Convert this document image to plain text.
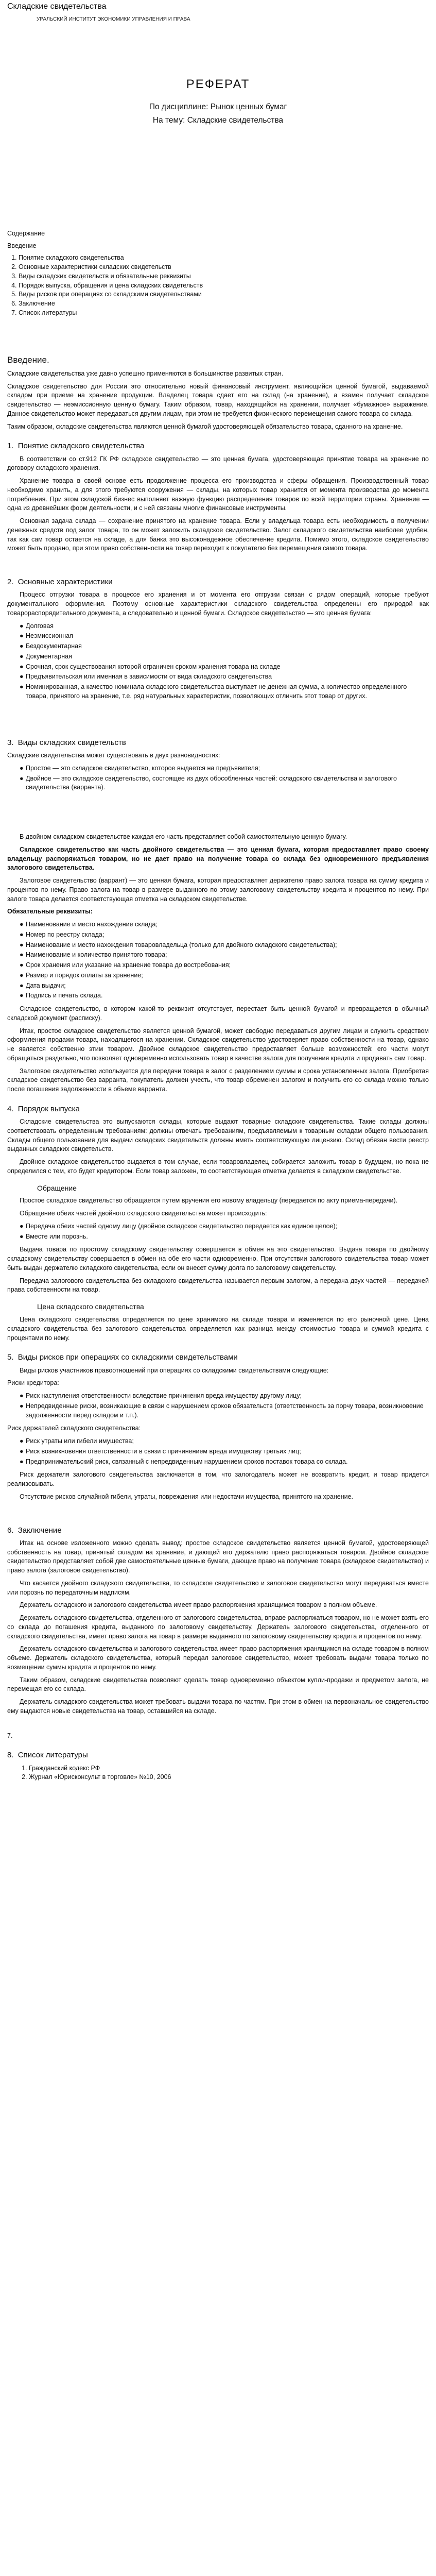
Складские свидетельства
УРАЛЬСКИЙ ИНСТИТУТ ЭКОНОМИКИ УПРАВЛЕНИЯ И ПРАВА
РЕФЕРАТ
По дисциплине: Рынок ценных бумаг
На тему: Складские свидетельства
Содержание
Введение
1. Понятие складского свидетельства
2. Основные характеристики складских свидетельств
3. Виды складских свидетельств и обязательные реквизиты
4. Порядок выпуска, обращения и цена складских свидетельств
5. Виды рисков при операциях со складскими свидетельствами
6. Заключение
7. Список литературы
Введение.

Складские свидетельства уже давно успешно применяются в большинстве развитых стран.

Складское свидетельство для России это относительно новый финансовый инструмент, являющийся ценной бумагой, выдаваемой складом при приеме на хранение продукции. Владелец товара сдает его на склад (на хранение), а взамен получает складское свидетельство — неэмиссионную ценную бумагу. Таким образом, товар, находящийся на хранении, получает «бумажное» выражение. Данное свидетельство может передаваться другим лицам, при этом не требуется физического перемещения самого товара со склада.

Таким образом, складские свидетельства являются ценной бумагой удостоверяющей обязательство товара, сданного на хранение.

1. Понятие складского свидетельства

В соответствии со ст.912 ГК РФ складское свидетельство — это ценная бумага, удостоверяющая принятие товара на хранение по договору складского хранения.

Хранение товара в своей основе есть продолжение процесса его производства и сферы обращения. Производственный товар необходимо хранить, а для этого требуются сооружения — склады, на которых товар хранится от момента производства до момента потребления. При этом складской бизнес выполняет важную функцию распределения товаров по всей территории страны. Хранение — одна из древнейших форм деятельности, и с ней связаны многие финансовые инструменты.

Основная задача склада — сохранение принятого на хранение товара. Если у владельца товара есть необходимость в получении денежных средств под залог товара, то он может заложить складское свидетельство. Залог складского свидетельства наиболее удобен, так как сам товар остается на складе, а для банка это высоконадежное обеспечение кредита. Помимо этого, складское свидетельство может быть продано, при этом право собственности на товар переходит к покупателю без перемещения самого товара.

2. Основные характеристики

Процесс отгрузки товара в процессе его хранения и от момента его отгрузки связан с рядом операций, которые требуют документального оформления. Поэтому основные характеристики складского свидетельства определены его природой как товарораспорядительного документа, а следовательно и ценной бумаги. Складское свидетельство — это ценная бумага:

● Долговая
● Неэмиссионная
● Бездокументарная
● Документарная
● Срочная, срок существования которой ограничен сроком хранения товара на складе
● Предъявительская или именная в зависимости от вида складского свидетельства
● Номинированная, а качество номинала складского свидетельства выступает не денежная сумма, а количество определенного товара, принятого на хранение, т.е. ряд натуральных характеристик, позволяющих отличить этот товар от других.
3. Виды складских свидетельств

Складские свидетельства может существовать в двух разновидностях:

● Простое — это складское свидетельство, которое выдается на предъявителя;
● Двойное — это складское свидетельство, состоящее из двух обособленных частей: складского свидетельства и залогового свидетельства (варранта).

В двойном складском свидетельстве каждая его часть представляет собой самостоятельную ценную бумагу.

Складское свидетельство как часть двойного свидетельства — это ценная бумага, которая предоставляет право своему владельцу распоряжаться товаром, но не дает право на получение товара со склада без одновременного предъявления залогового свидетельства.

Залоговое свидетельство (варрант) — это ценная бумага, которая предоставляет держателю право залога товара на сумму кредита и процентов по нему. Право залога на товар в размере выданного по этому залоговому свидетельству кредита и процентов по нему. При залоге товара делается соответствующая отметка на складском свидетельстве.

Обязательные реквизиты:

● Наименование и место нахождение склада;
● Номер по реестру склада;
● Наименование и место нахождения товаровладельца (только для двойного складского свидетельства);
● Наименование и количество принятого товара;
● Срок хранения или указание на хранение товара до востребования;
● Размер и порядок оплаты за хранение;
● Дата выдачи;
● Подпись и печать склада.

Складское свидетельство, в котором какой-то реквизит отсутствует, перестает быть ценной бумагой и превращается в обычный складской документ (расписку).

Итак, простое складское свидетельство является ценной бумагой, может свободно передаваться другим лицам и служить средством оформления продажи товара, находящегося на хранении. Складское свидетельство удостоверяет право собственности на товар, однако не является собственно этим товаром. Двойное складское свидетельство предоставляет больше возможностей: его части могут обращаться раздельно, что позволяет одновременно использовать товар в качестве залога для получения кредита и продавать сам товар.

Залоговое свидетельство используется для передачи товара в залог с разделением суммы и срока установленных залога. Приобретая складское свидетельство без варранта, покупатель должен учесть, что товар обременен залогом и получить его со склада можно только после погашения задолженности в объеме варранта.

4. Порядок выпуска

Складские свидетельства это выпускаются склады, которые выдают товарные складские свидетельства. Такие склады должны соответствовать определенным требованиям: должны отвечать требованиям, предъявляемым к товарным складам общего пользования. Склады общего пользования для выдачи складских свидетельств должны иметь соответствующую лицензию. Склад обязан вести реестр выданных складских свидетельств.

Двойное складское свидетельство выдается в том случае, если товаровладелец собирается заложить товар в будущем, но пока не определился с тем, кто будет кредитором. Если товар заложен, то соответствующая отметка делается в складском свидетельстве.

Обращение

Простое складское свидетельство обращается путем вручения его новому владельцу (передается по акту приема-передачи).

Обращение обеих частей двойного складского свидетельства может происходить:

● Передача обеих частей одному лицу (двойное складское свидетельство передается как единое целое);
● Вместе или порознь.

Выдача товара по простому складскому свидетельству совершается в обмен на это свидетельство. Выдача товара по двойному складскому свидетельству совершается в обмен на обе его части одновременно. При отсутствии залогового свидетельства товар может быть выдан держателю складского свидетельства, если он внесет сумму долга по залоговому свидетельству.

Передача залогового свидетельства без складского свидетельства называется первым залогом, а передача двух частей — передачей права собственности на товар.

Цена складского свидетельства

Цена складского свидетельства определяется по цене хранимого на складе товара и изменяется по его рыночной цене. Цена складского свидетельства без залогового свидетельства определяется как разница между стоимостью товара и суммой кредита с процентами по нему.

5. Виды рисков при операциях со складскими свидетельствами

Виды рисков участников правоотношений при операциях со складскими свидетельствами следующие:

Риски кредитора:

● Риск наступления ответственности вследствие причинения вреда имуществу другому лицу;
● Непредвиденные риски, возникающие в связи с нарушением сроков обязательств (ответственность за порчу товара, возникновение задолженности перед складом и т.п.).

Риск держателей складского свидетельства:

● Риск утраты или гибели имущества;
● Риск возникновения ответственности в связи с причинением вреда имуществу третьих лиц;
● Предпринимательский риск, связанный с непредвиденным нарушением сроков поставок товара со склада.

Риск держателя залогового свидетельства заключается в том, что залогодатель может не возвратить кредит, и товар придется реализовывать.

Отсутствие рисков случайной гибели, утраты, повреждения или недостачи имущества, принятого на хранение.

6. Заключение

Итак на основе изложенного можно сделать вывод: простое складское свидетельство является ценной бумагой, удостоверяющей собственность на товар, принятый складом на хранение, и дающей его держателю право распоряжаться товаром. Двойное складское свидетельство представляет собой две самостоятельные ценные бумаги, дающие право на получение товара (складское свидетельство) и право залога (залоговое свидетельство).

Что касается двойного складского свидетельства, то складское свидетельство и залоговое свидетельство могут передаваться вместе или порознь по передаточным надписям.

Держатель складского и залогового свидетельства имеет право распоряжения хранящимся товаром в полном объеме.

Держатель складского свидетельства, отделенного от залогового свидетельства, вправе распоряжаться товаром, но не может взять его со склада до погашения кредита, выданного по залоговому свидетельству. Держатель залогового свидетельства, отделенного от складского свидетельства, имеет право залога на товар в размере выданного по залоговому свидетельству кредита и процентов по нему.

Держатель складского свидетельства и залогового свидетельства имеет право распоряжения хранящимся на складе товаром в полном объеме. Держатель складского свидетельства, который передал залоговое свидетельство, может требовать выдачи товара только по возмещении суммы кредита и процентов по нему.

Таким образом, складские свидетельства позволяют сделать товар одновременно объектом купли-продажи и предметом залога, не перемещая его со склада.

Держатель складского свидетельства может требовать выдачи товара по частям. При этом в обмен на первоначальное свидетельство ему выдаются новые свидетельства на товар, оставшийся на складе.

7.
8. Список литературы
1. Гражданский кодекс РФ
2. Журнал «Юрисконсульт в торговле» №10, 2006
